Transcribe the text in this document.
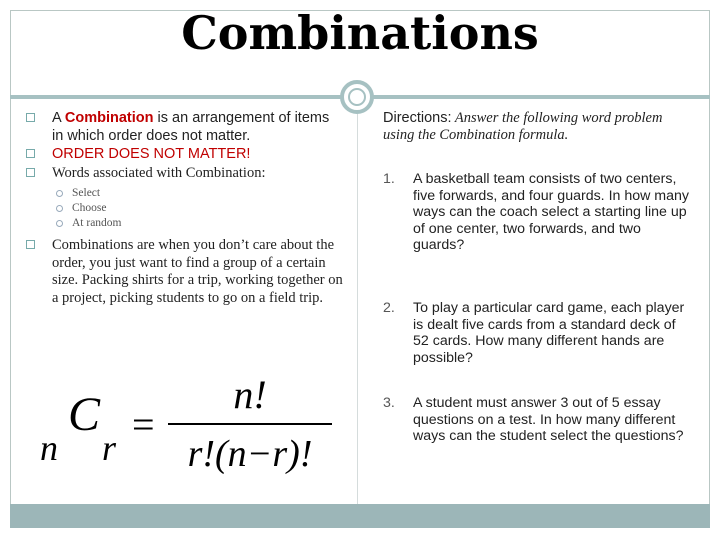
Combinations
A Combination is an arrangement of items in which order does not matter.
ORDER DOES NOT MATTER!
Words associated with Combination:
Select
Choose
At random
Combinations are when you don’t care about the order, you just want to find a group of a certain size. Packing shirts for a trip, working together on a project, picking students to go on a field trip.
C
n r
=
n!
r!(n−r)!
Directions: Answer the following word problem using the Combination formula.
1.	A basketball team consists of two centers, five forwards, and four guards. In how many ways can the coach select a starting line up of one center, two forwards, and two guards?
2.	To play a particular card game, each player is dealt five cards from a standard deck of 52 cards. How many different hands are possible?
3.	A student must answer 3 out of 5 essay questions on a test. In how many different ways can the student select the questions?
